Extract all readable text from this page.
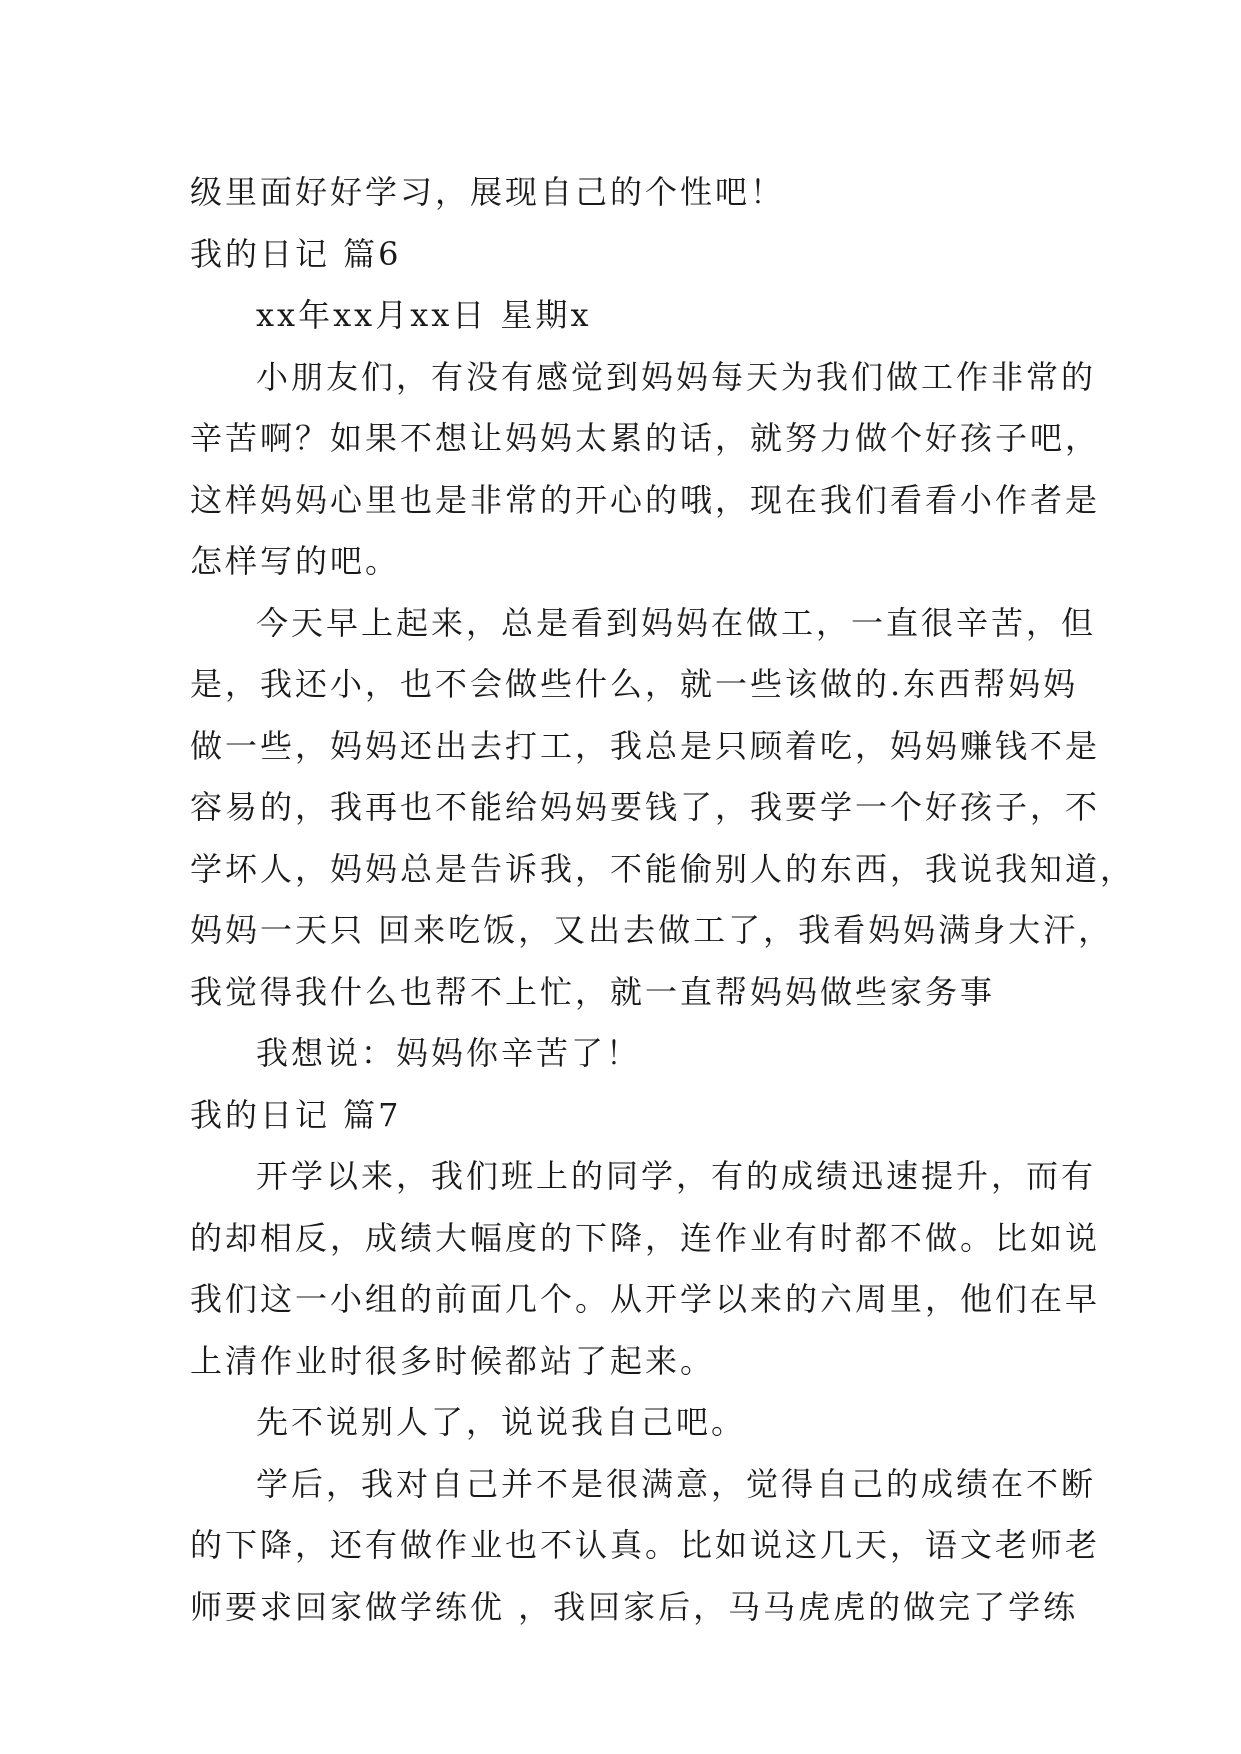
级里面好好学习，展现自己的个性吧！

我的日记 篇6

xx年xx月xx日 星期x

小朋友们，有没有感觉到妈妈每天为我们做工作非常的

辛苦啊？如果不想让妈妈太累的话，就努力做个好孩子吧，

这样妈妈心里也是非常的开心的哦，现在我们看看小作者是

怎样写的吧。

今天早上起来，总是看到妈妈在做工，一直很辛苦，但

是，我还小，也不会做些什么，就一些该做的.东西帮妈妈

做一些，妈妈还出去打工，我总是只顾着吃，妈妈赚钱不是

容易的，我再也不能给妈妈要钱了，我要学一个好孩子，不

学坏人，妈妈总是告诉我，不能偷别人的东西，我说我知道，

妈妈一天只 回来吃饭，又出去做工了，我看妈妈满身大汗，

我觉得我什么也帮不上忙，就一直帮妈妈做些家务事

我想说：妈妈你辛苦了！

我的日记 篇7

开学以来，我们班上的同学，有的成绩迅速提升，而有

的却相反，成绩大幅度的下降，连作业有时都不做。比如说

我们这一小组的前面几个。从开学以来的六周里，他们在早

上清作业时很多时候都站了起来。

先不说别人了，说说我自己吧。

学后，我对自己并不是很满意，觉得自己的成绩在不断

的下降，还有做作业也不认真。比如说这几天，语文老师老

师要求回家做学练优 ，我回家后，马马虎虎的做完了学练
